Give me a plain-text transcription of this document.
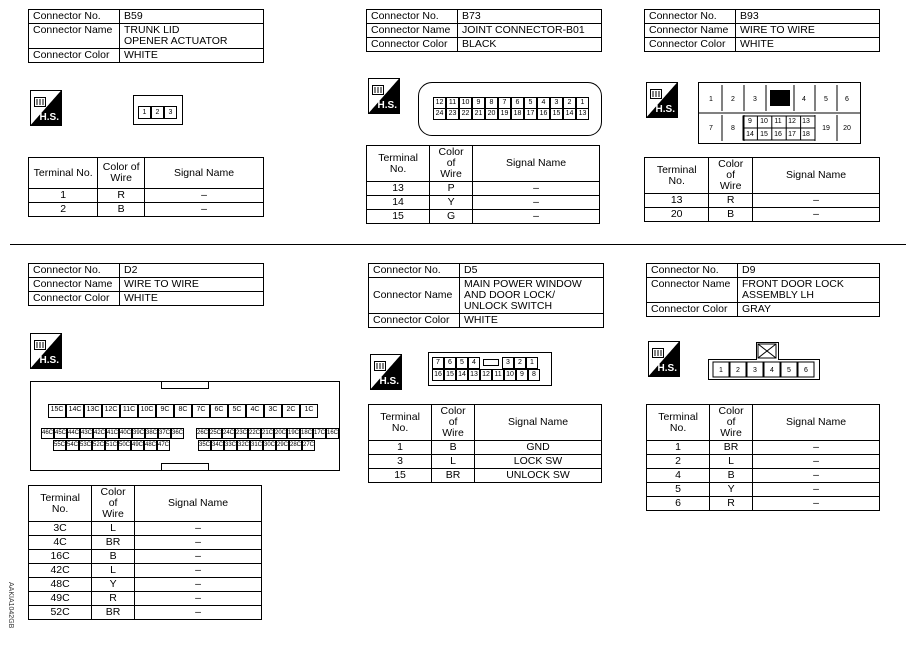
Connector No.	B59
Connector Name	TRUNK LID
OPENER ACTUATOR

Connector Color	WHITE
H.S.	1	2	3
Terminal No.	Color of
Wire	Signal Name
1	R	–
2	B	–
Connector No.	B73
Connector Name	JOINT CONNECTOR-B01
Connector Color	BLACK
H.S.	12 11 10	9	8	7	6	5	4	3	2	1
24 23 22 21 20 19 18 17 16 15 14 13
Terminal No.	Color of
Wire	Signal Name
13	P	–
14	Y	–
15	G	–
Connector No.	B93
Connector Name	WIRE TO WIRE
Connector Color	WHITE
H.S.
1	2	3	4	5 6
7	8
9 10 11 12 13
14 15 16 17 18
19 20
Terminal No.	Color of
Wire	Signal Name
13	R	–
20	B	–
Connector No.	D2
Connector Name	WIRE TO WIRE
Connector Color	WHITE
H.S.
15C 14C 13C 12C 11C 10C	9C	8C	7C	6C	5C	4C	3C	2C	1C
46C 45C 44C 43C 42C 41C 40C 39C 38C 37C 36C 26C 25C 24C 23C 22C 21C 20C 19C 18C 17C 16C
55C 54C 53C 52C 51C 50C 49C 48C 47C	35C 34C 33C 32C 31C 30C 29C 28C 27C
Terminal No.	Color of
Wire	Signal Name
3C	L	–
4C	BR	–
16C	B	–
42C	L	–
48C	Y	–
49C	R	–
52C	BR	–
Connector No.	D5
Connector Name	MAIN POWER WINDOW
AND DOOR LOCK/
UNLOCK SWITCH

Connector Color	WHITE
H.S.
7	6	5	4	3	2	1
16 15 14 13 12 11 10 9	8
Terminal No.	Color of
Wire	Signal Name
1	B	GND
3	L	LOCK SW
15	BR	UNLOCK SW
Connector No.	D9
Connector Name	FRONT DOOR LOCK
ASSEMBLY LH

Connector Color	GRAY
H.S.	1 2 3 4 5 6
Terminal No.	Color of
Wire	Signal Name
1	BR	–
2	L	–
4	B	–
5	Y	–
6	R	–
AAKIA1042GB
